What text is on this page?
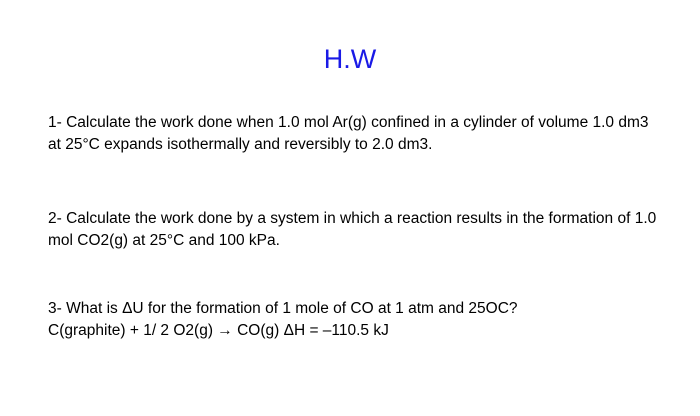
H.W

1- Calculate the work done when 1.0 mol Ar(g) confined in a cylinder of volume 1.0 dm3 at 25°C expands isothermally and reversibly to 2.0 dm3.

2- Calculate the work done by a system in which a reaction results in the formation of 1.0 mol CO2(g) at 25°C and 100 kPa.

3- What is ΔU for the formation of 1 mole of CO at 1 atm and 25OC?

C(graphite) + 1/ 2 O2(g) → CO(g) ΔH = –110.5 kJ
